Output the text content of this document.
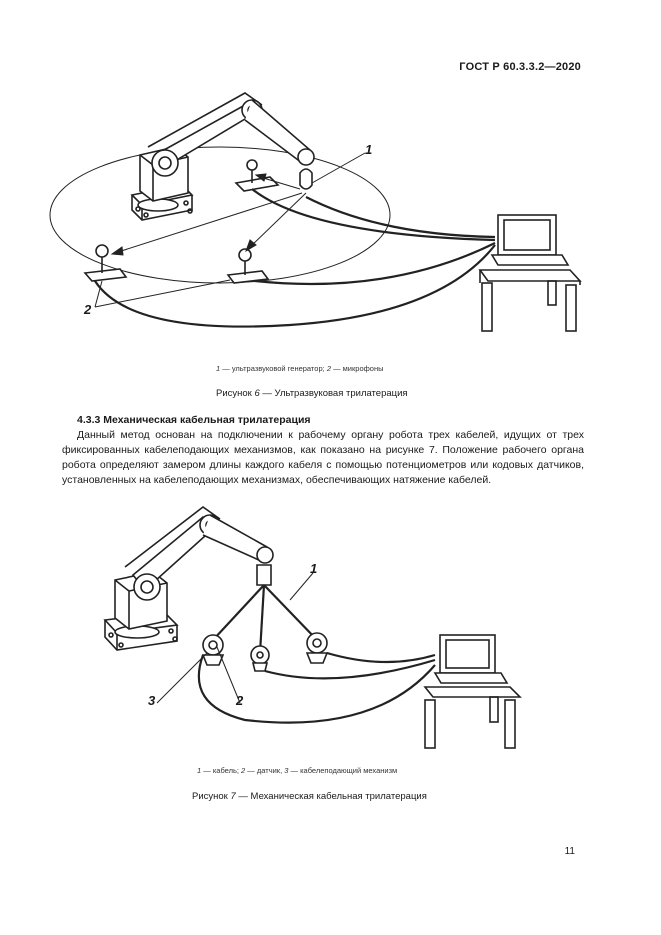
ГОСТ Р 60.3.3.2—2020
1
2
1 — ультразвуковой генератор; 2 — микрофоны
Рисунок 6 — Ультразвуковая трилатерация
4.3.3 Механическая кабельная трилатерация

Данный метод основан на подключении к рабочему органу робота трех кабелей, идущих от трех фиксированных кабелеподающих механизмов, как показано на рисунке 7. Положение рабочего органа робота определяют замером длины каждого кабеля с помощью потенциометров или кодовых датчиков, установленных на кабелеподающих механизмах, обеспечивающих натяжение кабелей.

1
2
3
1 — кабель; 2 — датчик, 3 — кабелеподающий механизм
Рисунок 7 — Механическая кабельная трилатерация
11
